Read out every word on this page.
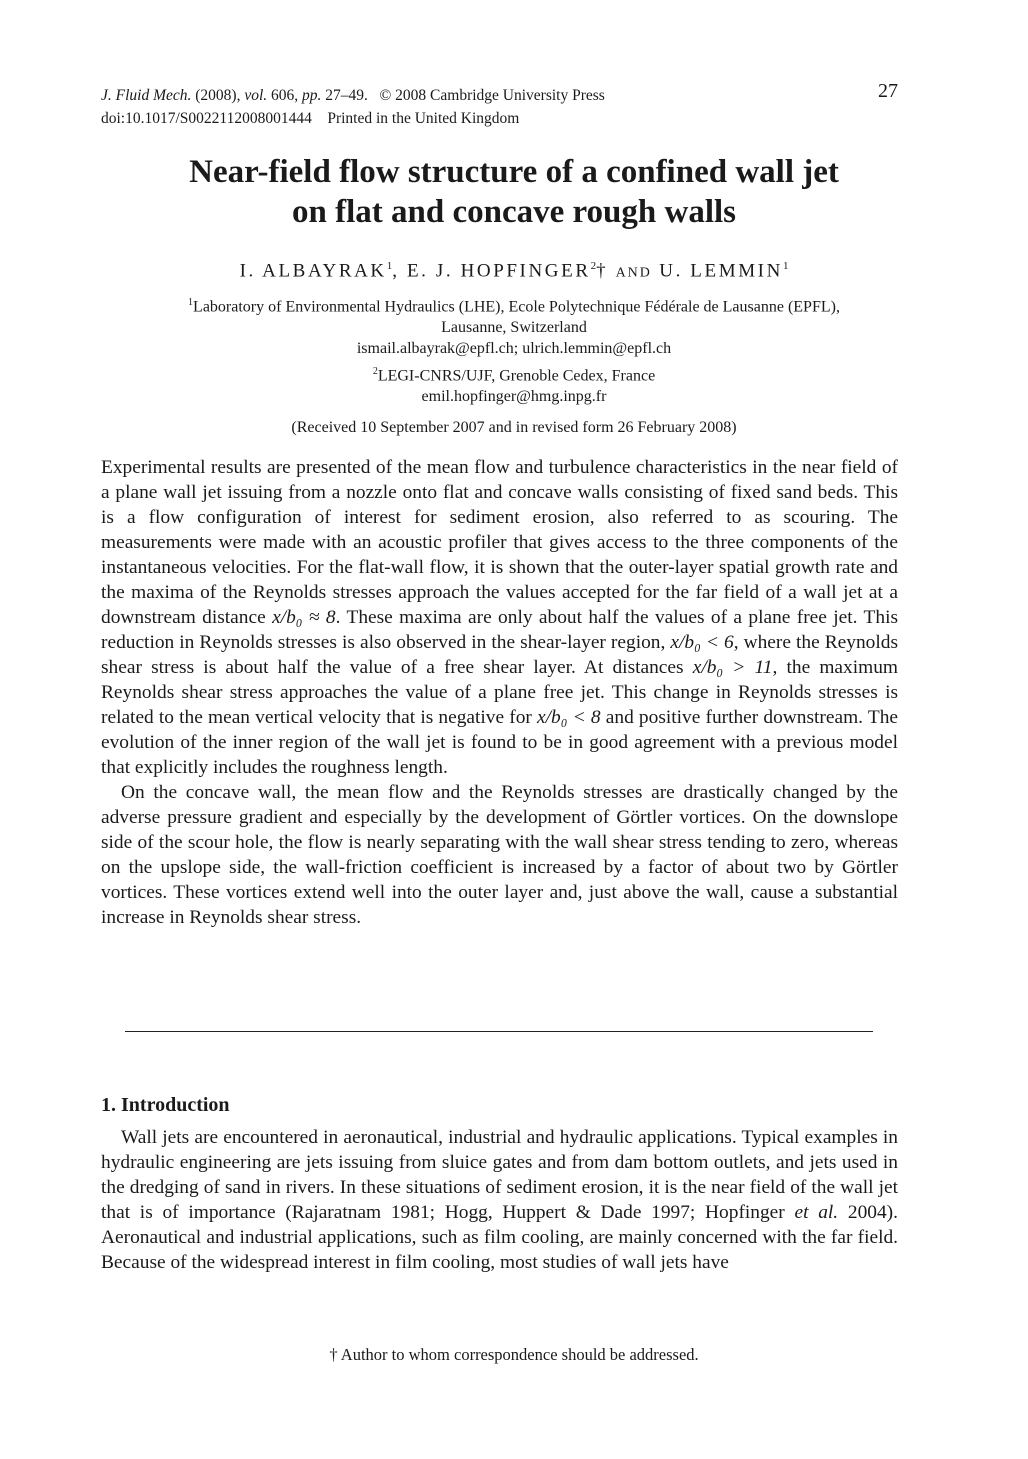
J. Fluid Mech. (2008), vol. 606, pp. 27–49. © 2008 Cambridge University Press
doi:10.1017/S0022112008001444 Printed in the United Kingdom
27
Near-field flow structure of a confined wall jet
on flat and concave rough walls
I. ALBAYRAK$^1$, E. J. HOPFINGER$^2$† AND U. LEMMIN$^1$
$^1$Laboratory of Environmental Hydraulics (LHE), Ecole Polytechnique Fédérale de Lausanne (EPFL),
Lausanne, Switzerland
ismail.albayrak@epfl.ch; ulrich.lemmin@epfl.ch
$^2$LEGI-CNRS/UJF, Grenoble Cedex, France
emil.hopfinger@hmg.inpg.fr
(Received 10 September 2007 and in revised form 26 February 2008)

Experimental results are presented of the mean flow and turbulence characteristics in the near field of a plane wall jet issuing from a nozzle onto flat and concave walls consisting of fixed sand beds. This is a flow configuration of interest for sediment erosion, also referred to as scouring. The measurements were made with an acoustic profiler that gives access to the three components of the instantaneous velocities. For the flat-wall flow, it is shown that the outer-layer spatial growth rate and the maxima of the Reynolds stresses approach the values accepted for the far field of a wall jet at a downstream distance x/b₀ ≈ 8. These maxima are only about half the values of a plane free jet. This reduction in Reynolds stresses is also observed in the shear-layer region, x/b₀ < 6, where the Reynolds shear stress is about half the value of a free shear layer. At distances x/b₀ > 11, the maximum Reynolds shear stress approaches the value of a plane free jet. This change in Reynolds stresses is related to the mean vertical velocity that is negative for x/b₀ < 8 and positive further downstream. The evolution of the inner region of the wall jet is found to be in good agreement with a previous model that explicitly includes the roughness length.

On the concave wall, the mean flow and the Reynolds stresses are drastically changed by the adverse pressure gradient and especially by the development of Görtler vortices. On the downslope side of the scour hole, the flow is nearly separating with the wall shear stress tending to zero, whereas on the upslope side, the wall-friction coefficient is increased by a factor of about two by Görtler vortices. These vortices extend well into the outer layer and, just above the wall, cause a substantial increase in Reynolds shear stress.

1. Introduction

Wall jets are encountered in aeronautical, industrial and hydraulic applications. Typical examples in hydraulic engineering are jets issuing from sluice gates and from dam bottom outlets, and jets used in the dredging of sand in rivers. In these situations of sediment erosion, it is the near field of the wall jet that is of importance (Rajaratnam 1981; Hogg, Huppert & Dade 1997; Hopfinger et al. 2004). Aeronautical and industrial applications, such as film cooling, are mainly concerned with the far field. Because of the widespread interest in film cooling, most studies of wall jets have

† Author to whom correspondence should be addressed.
